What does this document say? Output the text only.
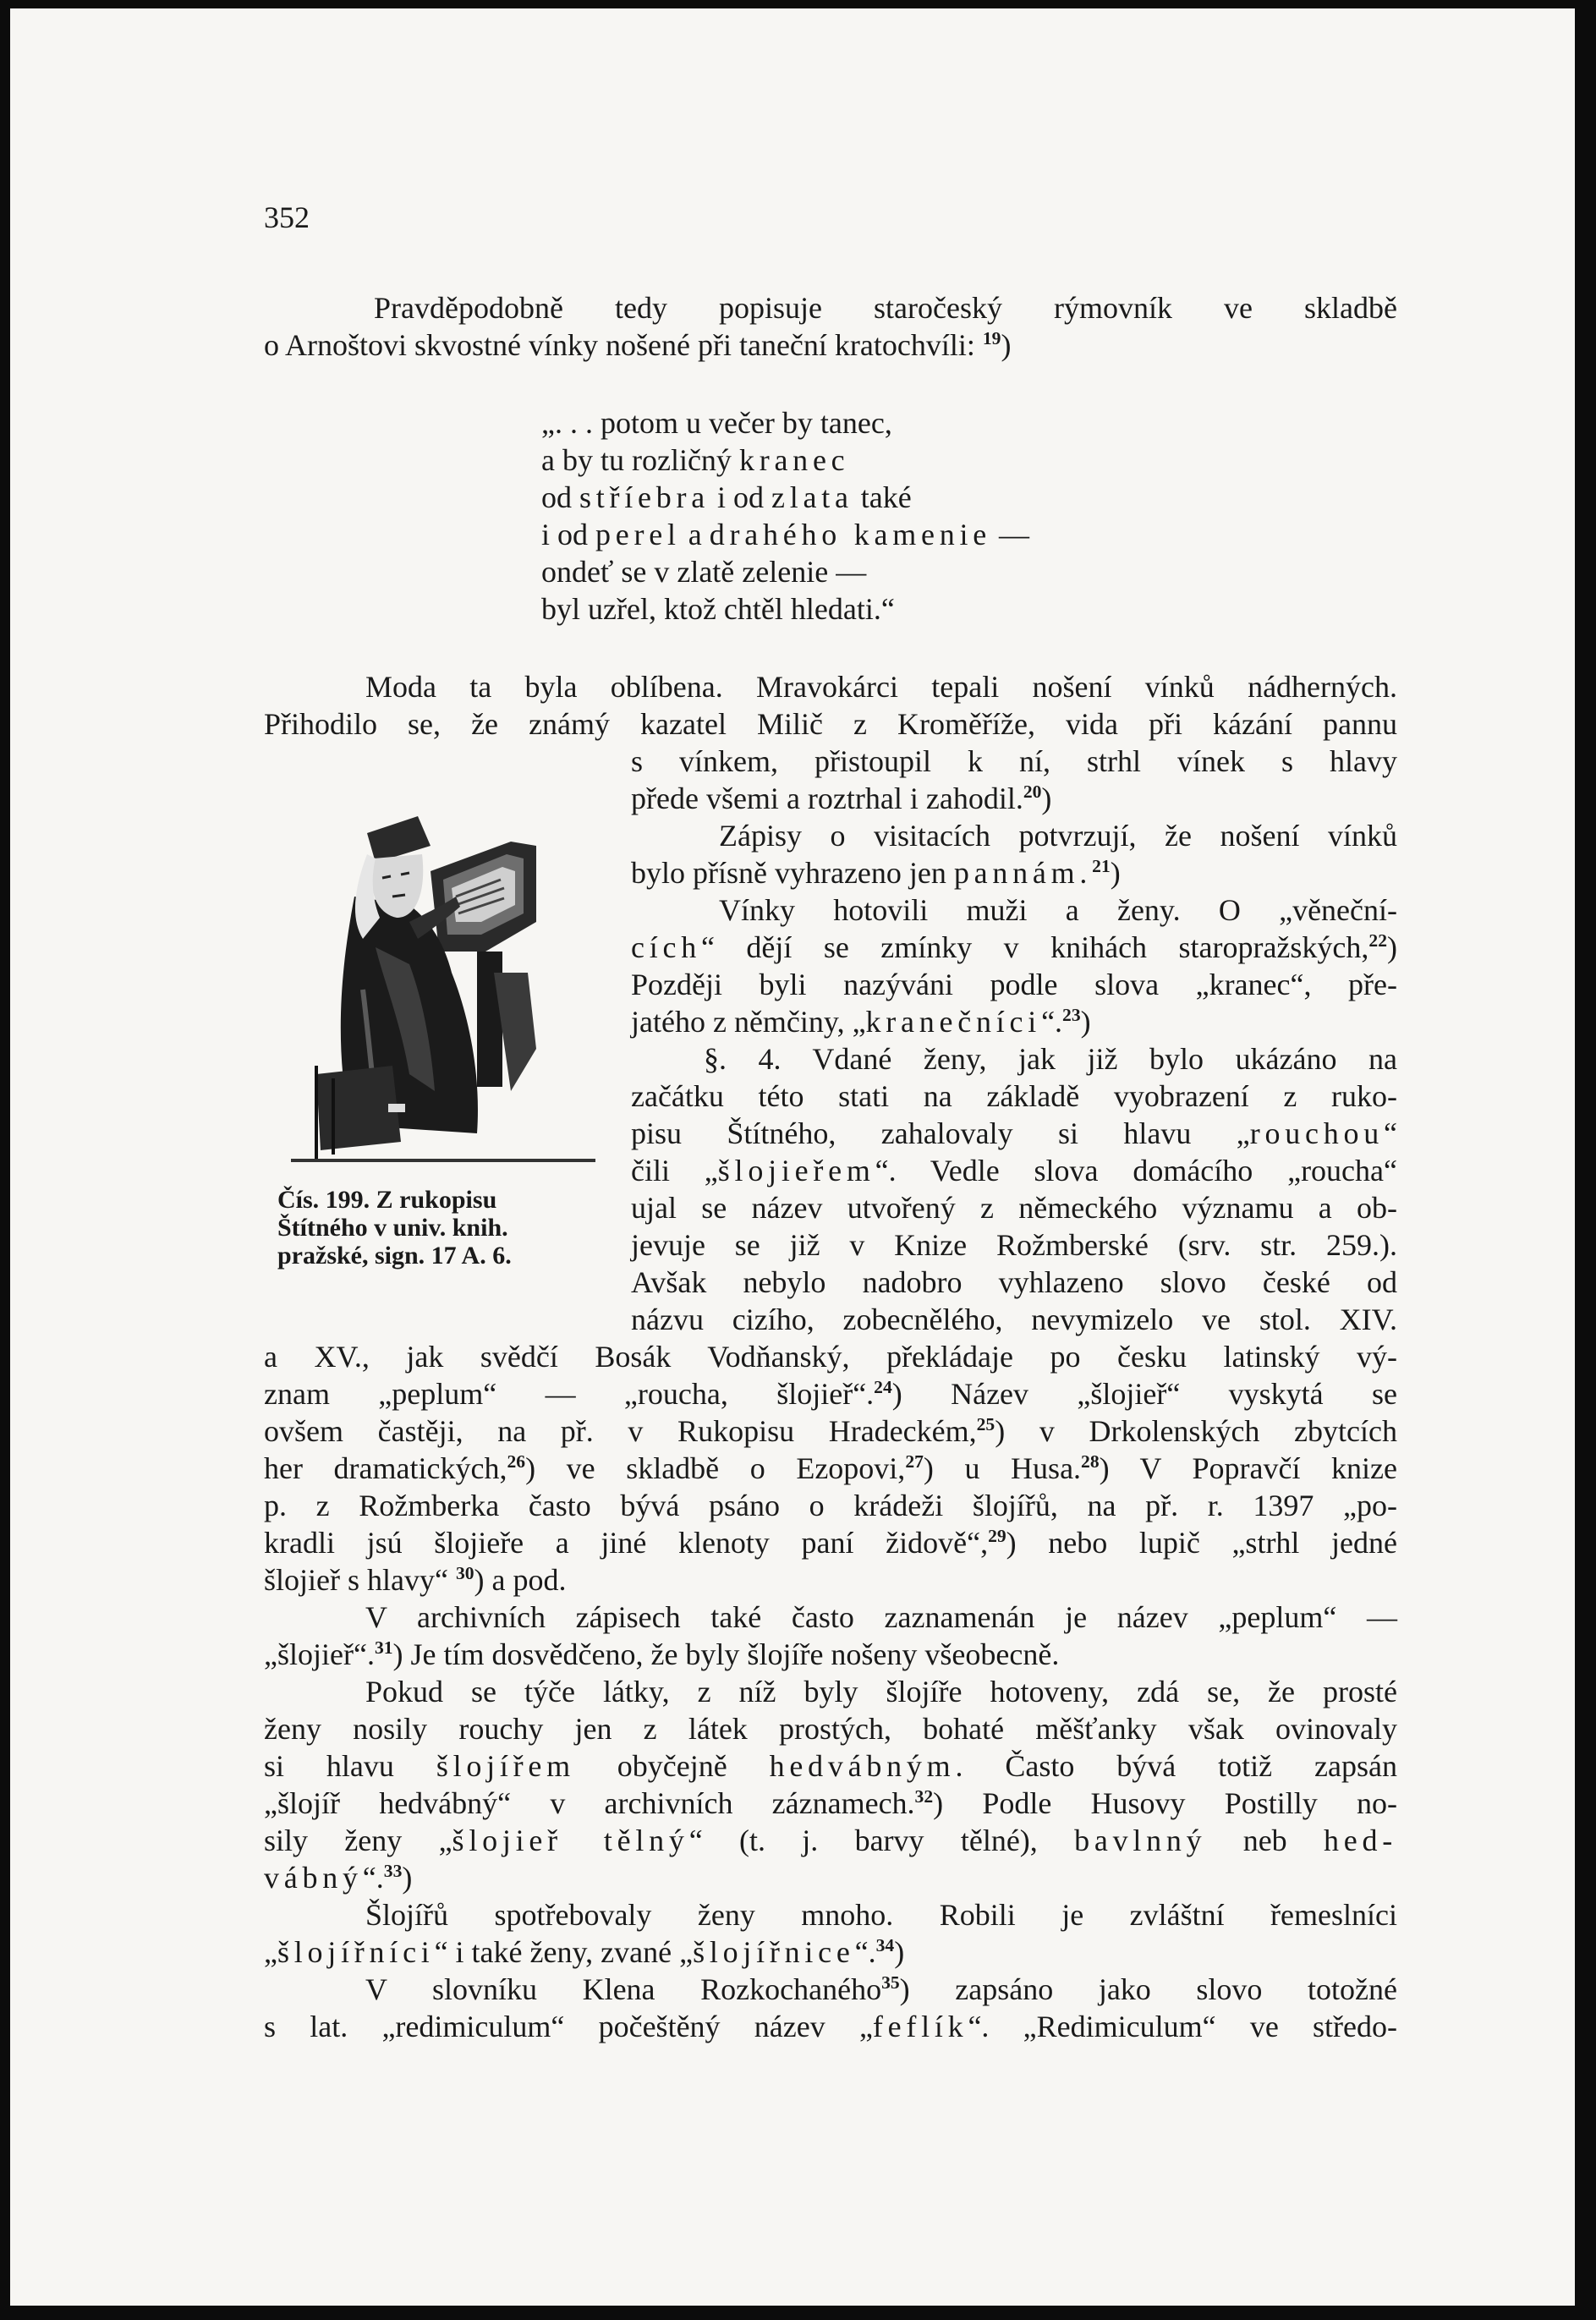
352
Pravděpodobně tedy popisuje staročeský rýmovník ve skladbě
o Arnoštovi skvostné vínky nošené při taneční kratochvíli: $^{19}$)
„. . . potom u večer by tanec,
a by tu rozličný kranec
od stříebra i od zlata také
i od perel a drahého kamenie —
ondeť se v zlatě zelenie —
byl uzřel, ktož chtěl hledati.“
Moda ta byla oblíbena. Mravokárci tepali nošení vínků nádherných.
Přihodilo se, že známý kazatel Milič z Kroměříže, vida při kázání pannu
s vínkem, přistoupil k ní, strhl vínek s hlavy
přede všemi a roztrhal i zahodil.$^{20}$)
Zápisy o visitacích potvrzují, že nošení vínků
bylo přísně vyhrazeno jen pannám.$^{21}$)
Vínky hotovili muži a ženy. O „věneční-
cích“ dějí se zmínky v knihách staropražských,$^{22}$)
Později byli nazýváni podle slova „kranec“, pře-
jatého z němčiny, „kranečníci“.$^{23}$)
§. 4. Vdané ženy, jak již bylo ukázáno na
začátku této stati na základě vyobrazení z ruko-
pisu Štítného, zahalovaly si hlavu „rouchou“
čili „šlojieřem“. Vedle slova domácího „roucha“
ujal se název utvořený z německého významu a ob-
jevuje se již v Knize Rožmberské (srv. str. 259.).
Avšak nebylo nadobro vyhlazeno slovo české od
názvu cizího, zobecnělého, nevymizelo ve stol. XIV.
a XV., jak svědčí Bosák Vodňanský, překládaje po česku latinský vý-
znam „peplum“ — „roucha, šlojieř“.$^{24}$) Název „šlojieř“ vyskytá se
ovšem častěji, na př. v Rukopisu Hradeckém,$^{25}$) v Drkolenských zbytcích
her dramatických,$^{26}$) ve skladbě o Ezopovi,$^{27}$) u Husa.$^{28}$) V Popravčí knize
p. z Rožmberka často bývá psáno o krádeži šlojířů, na př. r. 1397 „po-
kradli jsú šlojieře a jiné klenoty paní židově“,$^{29}$) nebo lupič „strhl jedné
šlojieř s hlavy“ $^{30}$) a pod.
V archivních zápisech také často zaznamenán je název „peplum“ —
„šlojieř“.$^{31}$) Je tím dosvědčeno, že byly šlojíře nošeny všeobecně.
Pokud se týče látky, z níž byly šlojíře hotoveny, zdá se, že prosté
ženy nosily rouchy jen z látek prostých, bohaté měšťanky však ovinovaly
si hlavu šlojířem obyčejně hedvábným. Často bývá totiž zapsán
„šlojíř hedvábný“ v archivních záznamech.$^{32}$) Podle Husovy Postilly no-
sily ženy „šlojieř tělný“ (t. j. barvy tělné), bavlnný neb hed-
vábný“.$^{33}$)
Šlojířů spotřebovaly ženy mnoho. Robili je zvláštní řemeslníci
„šlojířníci“ i také ženy, zvané „šlojířnice“.$^{34}$)
V slovníku Klena Rozkochaného$^{35}$) zapsáno jako slovo totožné
s lat. „redimiculum“ počeštěný název „feflík“. „Redimiculum“ ve středo-
Čís. 199. Z rukopisu
Štítného v univ. knih.
pražské, sign. 17 A. 6.
